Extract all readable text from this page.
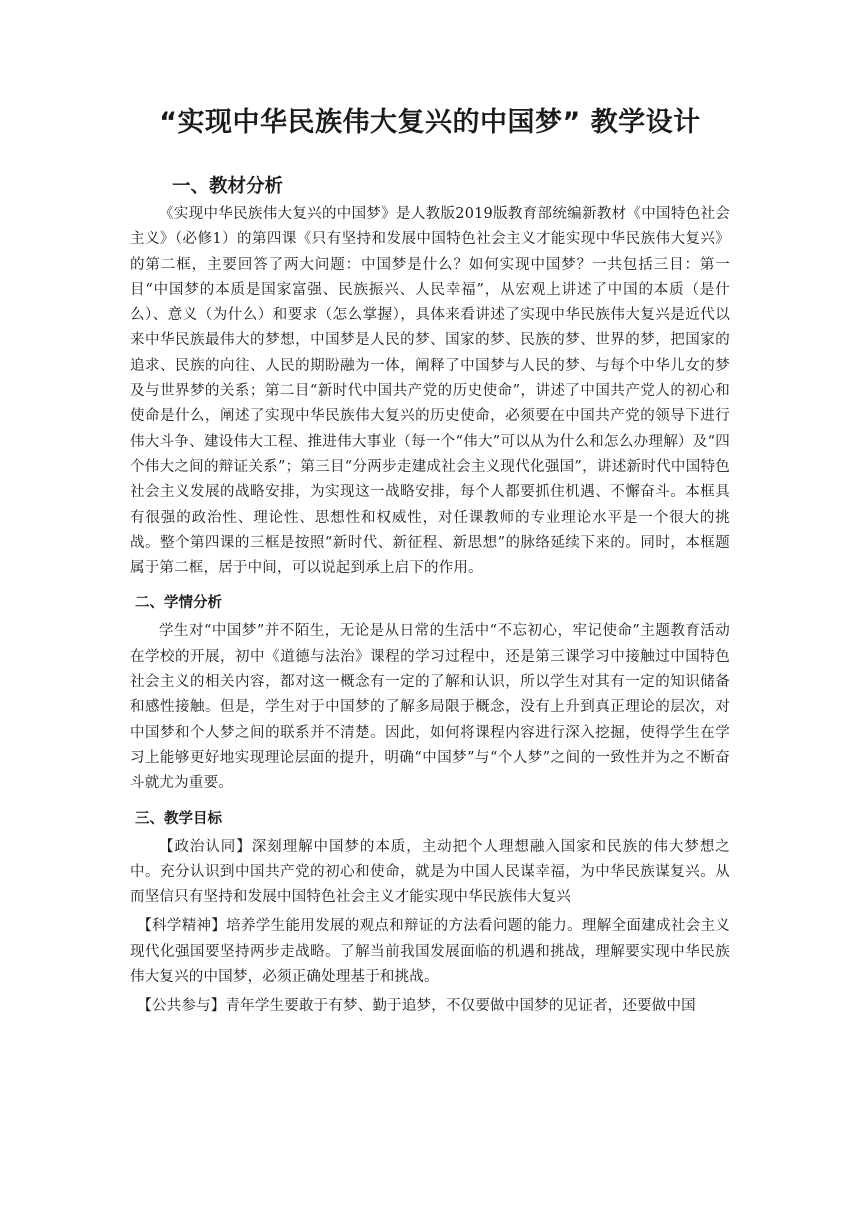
“实现中华民族伟大复兴的中国梦” 教学设计
一、教材分析

《实现中华民族伟大复兴的中国梦》是人教版2019版教育部统编新教材《中国特色社会主义》（必修1）的第四课《只有坚持和发展中国特色社会主义才能实现中华民族伟大复兴》的第二框，主要回答了两大问题：中国梦是什么？如何实现中国梦？一共包括三目：第一目“中国梦的本质是国家富强、民族振兴、人民幸福”，从宏观上讲述了中国的本质（是什么）、意义（为什么）和要求（怎么掌握），具体来看讲述了实现中华民族伟大复兴是近代以来中华民族最伟大的梦想，中国梦是人民的梦、国家的梦、民族的梦、世界的梦，把国家的追求、民族的向往、人民的期盼融为一体，阐释了中国梦与人民的梦、与每个中华儿女的梦及与世界梦的关系；第二目“新时代中国共产党的历史使命”，讲述了中国共产党人的初心和使命是什么，阐述了实现中华民族伟大复兴的历史使命，必须要在中国共产党的领导下进行伟大斗争、建设伟大工程、推进伟大事业（每一个“伟大”可以从为什么和怎么办理解）及“四个伟大之间的辩证关系”；第三目“分两步走建成社会主义现代化强国”，讲述新时代中国特色社会主义发展的战略安排，为实现这一战略安排，每个人都要抓住机遇、不懈奋斗。本框具有很强的政治性、理论性、思想性和权威性，对任课教师的专业理论水平是一个很大的挑战。整个第四课的三框是按照“新时代、新征程、新思想”的脉络延续下来的。同时，本框题属于第二框，居于中间，可以说起到承上启下的作用。

二、学情分析

学生对“中国梦”并不陌生，无论是从日常的生活中“不忘初心，牢记使命”主题教育活动在学校的开展，初中《道德与法治》课程的学习过程中，还是第三课学习中接触过中国特色社会主义的相关内容，都对这一概念有一定的了解和认识，所以学生对其有一定的知识储备和感性接触。但是，学生对于中国梦的了解多局限于概念，没有上升到真正理论的层次，对中国梦和个人梦之间的联系并不清楚。因此，如何将课程内容进行深入挖掘，使得学生在学习上能够更好地实现理论层面的提升，明确“中国梦”与“个人梦”之间的一致性并为之不断奋斗就尤为重要。

三、教学目标

【政治认同】深刻理解中国梦的本质，主动把个人理想融入国家和民族的伟大梦想之中。充分认识到中国共产党的初心和使命，就是为中国人民谋幸福，为中华民族谋复兴。从而坚信只有坚持和发展中国特色社会主义才能实现中华民族伟大复兴

【科学精神】培养学生能用发展的观点和辩证的方法看问题的能力。理解全面建成社会主义现代化强国要坚持两步走战略。了解当前我国发展面临的机遇和挑战，理解要实现中华民族伟大复兴的中国梦，必须正确处理基于和挑战。

【公共参与】青年学生要敢于有梦、勤于追梦，不仅要做中国梦的见证者，还要做中国
